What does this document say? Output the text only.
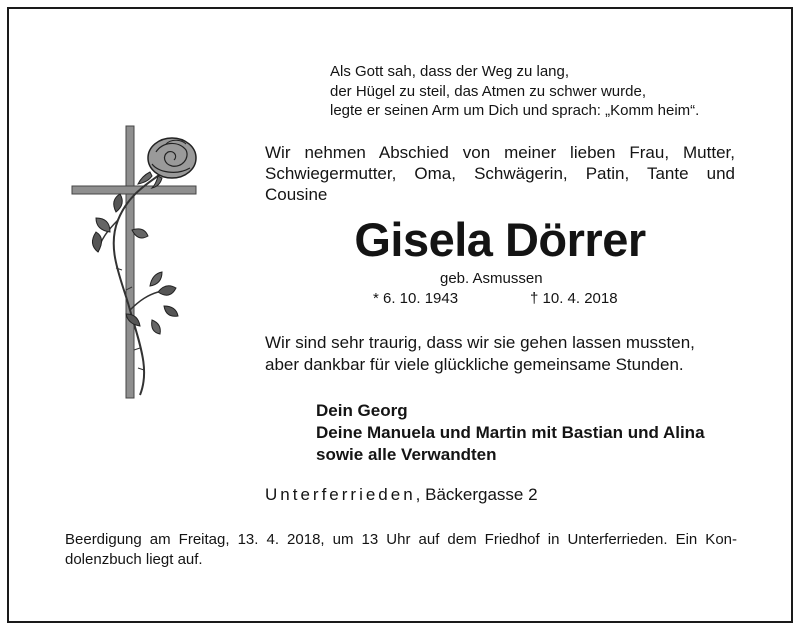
Als Gott sah, dass der Weg zu lang,
der Hügel zu steil, das Atmen zu schwer wurde,
legte er seinen Arm um Dich und sprach: „Komm heim“.
Wir nehmen Abschied von meiner lieben Frau, Mutter,
Schwiegermutter, Oma, Schwägerin, Patin, Tante und
Cousine
Gisela Dörrer
geb. Asmussen
* 6. 10. 1943	† 10. 4. 2018
Wir sind sehr traurig, dass wir sie gehen lassen mussten,
aber dankbar für viele glückliche gemeinsame Stunden.
Dein Georg
Deine Manuela und Martin mit Bastian und Alina
sowie alle Verwandten
Unterferrieden, Bäckergasse 2
Beerdigung am Freitag, 13. 4. 2018, um 13 Uhr auf dem Friedhof in Unterferrieden. Ein Kon-
dolenzbuch liegt auf.
